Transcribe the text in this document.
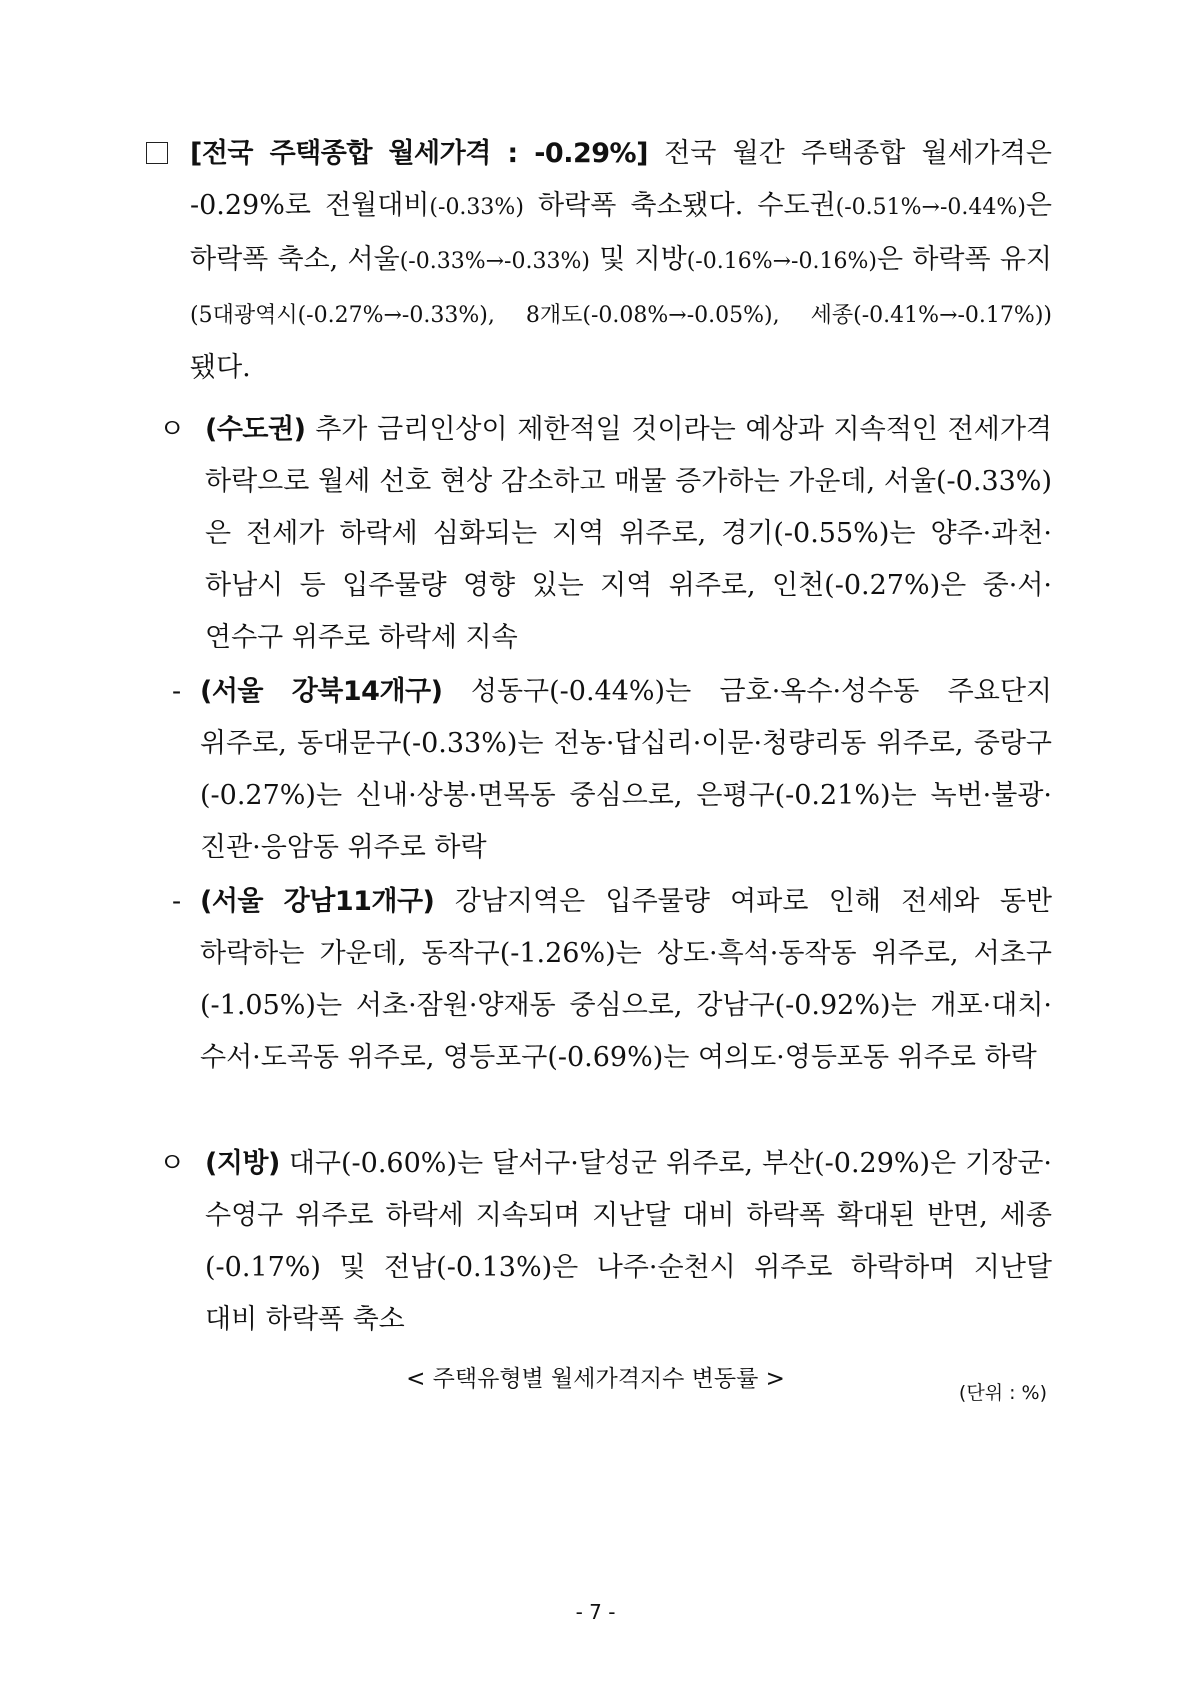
[전국 주택종합 월세가격 : -0.29%] 전국 월간 주택종합 월세가격은 -0.29%로 전월대비(-0.33%) 하락폭 축소됐다. 수도권(-0.51%→-0.44%)은 하락폭 축소, 서울(-0.33%→-0.33%) 및 지방(-0.16%→-0.16%)은 하락폭 유지(5대광역시(-0.27%→-0.33%), 8개도(-0.08%→-0.05%), 세종(-0.41%→-0.17%))됐다.
ㅇ (수도권) 추가 금리인상이 제한적일 것이라는 예상과 지속적인 전세가격 하락으로 월세 선호 현상 감소하고 매물 증가하는 가운데, 서울(-0.33%)은 전세가 하락세 심화되는 지역 위주로, 경기(-0.55%)는 양주·과천·하남시 등 입주물량 영향 있는 지역 위주로, 인천(-0.27%)은 중·서·연수구 위주로 하락세 지속
- (서울 강북14개구) 성동구(-0.44%)는 금호·옥수·성수동 주요단지 위주로, 동대문구(-0.33%)는 전농·답십리·이문·청량리동 위주로, 중랑구(-0.27%)는 신내·상봉·면목동 중심으로, 은평구(-0.21%)는 녹번·불광·진관·응암동 위주로 하락
- (서울 강남11개구) 강남지역은 입주물량 여파로 인해 전세와 동반 하락하는 가운데, 동작구(-1.26%)는 상도·흑석·동작동 위주로, 서초구(-1.05%)는 서초·잠원·양재동 중심으로, 강남구(-0.92%)는 개포·대치·수서·도곡동 위주로, 영등포구(-0.69%)는 여의도·영등포동 위주로 하락
ㅇ (지방) 대구(-0.60%)는 달서구·달성군 위주로, 부산(-0.29%)은 기장군·수영구 위주로 하락세 지속되며 지난달 대비 하락폭 확대된 반면, 세종(-0.17%) 및 전남(-0.13%)은 나주·순천시 위주로 하락하며 지난달 대비 하락폭 축소
< 주택유형별 월세가격지수 변동률 >
(단위 : %)
- 7 -
